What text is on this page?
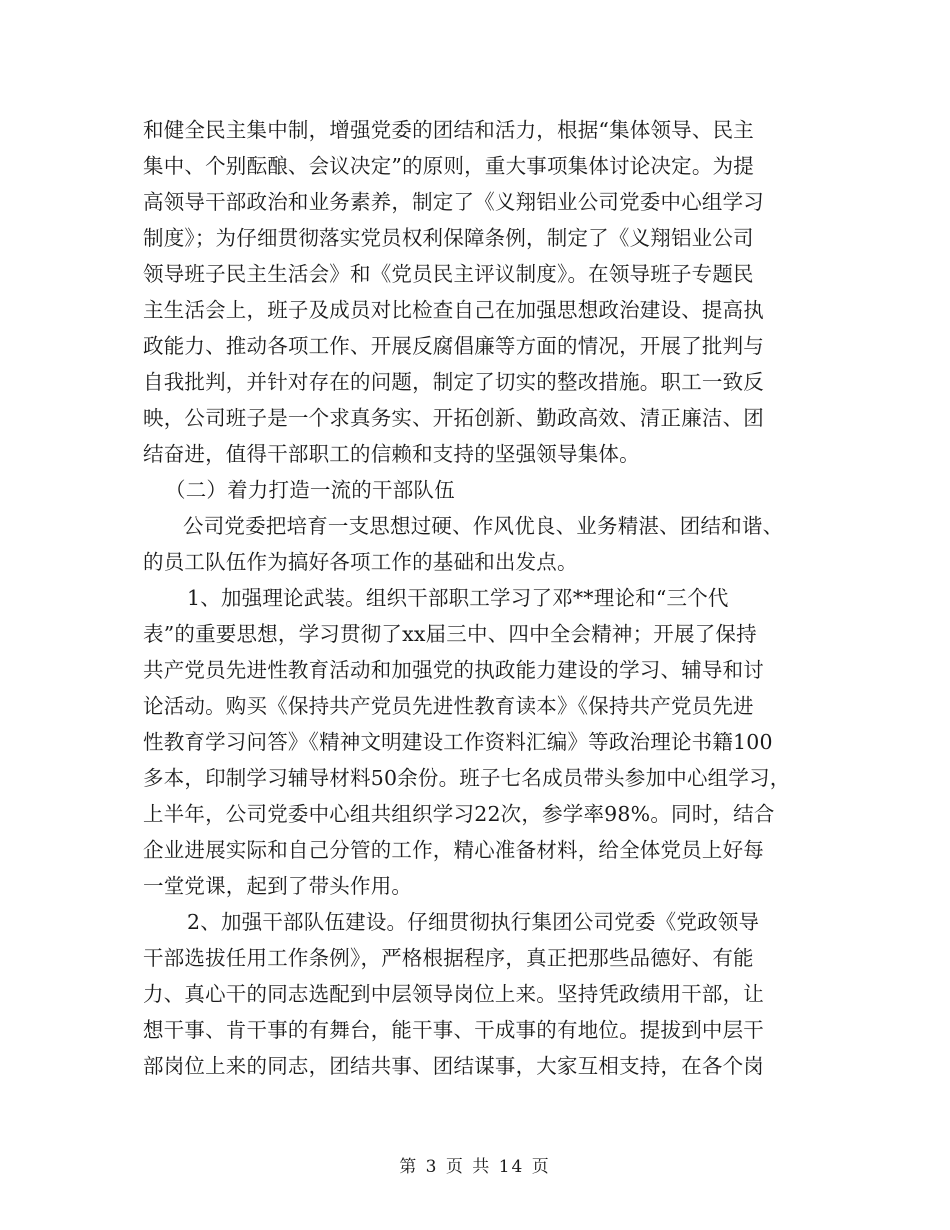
和健全民主集中制，增强党委的团结和活力，根据“集体领导、民主
集中、个别酝酿、会议决定”的原则，重大事项集体讨论决定。为提
高领导干部政治和业务素养，制定了《义翔铝业公司党委中心组学习
制度》；为仔细贯彻落实党员权利保障条例，制定了《义翔铝业公司
领导班子民主生活会》和《党员民主评议制度》。在领导班子专题民
主生活会上，班子及成员对比检查自己在加强思想政治建设、提高执
政能力、推动各项工作、开展反腐倡廉等方面的情况，开展了批判与
自我批判，并针对存在的问题，制定了切实的整改措施。职工一致反
映，公司班子是一个求真务实、开拓创新、勤政高效、清正廉洁、团
结奋进，值得干部职工的信赖和支持的坚强领导集体。
（二）着力打造一流的干部队伍
公司党委把培育一支思想过硬、作风优良、业务精湛、团结和谐、
的员工队伍作为搞好各项工作的基础和出发点。
1、加强理论武装。组织干部职工学习了邓**理论和“三个代
表”的重要思想，学习贯彻了xx届三中、四中全会精神；开展了保持
共产党员先进性教育活动和加强党的执政能力建设的学习、辅导和讨
论活动。购买《保持共产党员先进性教育读本》《保持共产党员先进
性教育学习问答》《精神文明建设工作资料汇编》等政治理论书籍100
多本，印制学习辅导材料50余份。班子七名成员带头参加中心组学习，
上半年，公司党委中心组共组织学习22次，参学率98%。同时，结合
企业进展实际和自己分管的工作，精心准备材料，给全体党员上好每
一堂党课，起到了带头作用。
2、加强干部队伍建设。仔细贯彻执行集团公司党委《党政领导
干部选拔任用工作条例》，严格根据程序，真正把那些品德好、有能
力、真心干的同志选配到中层领导岗位上来。坚持凭政绩用干部，让
想干事、肯干事的有舞台，能干事、干成事的有地位。提拔到中层干
部岗位上来的同志，团结共事、团结谋事，大家互相支持，在各个岗
第 3 页 共 14 页
